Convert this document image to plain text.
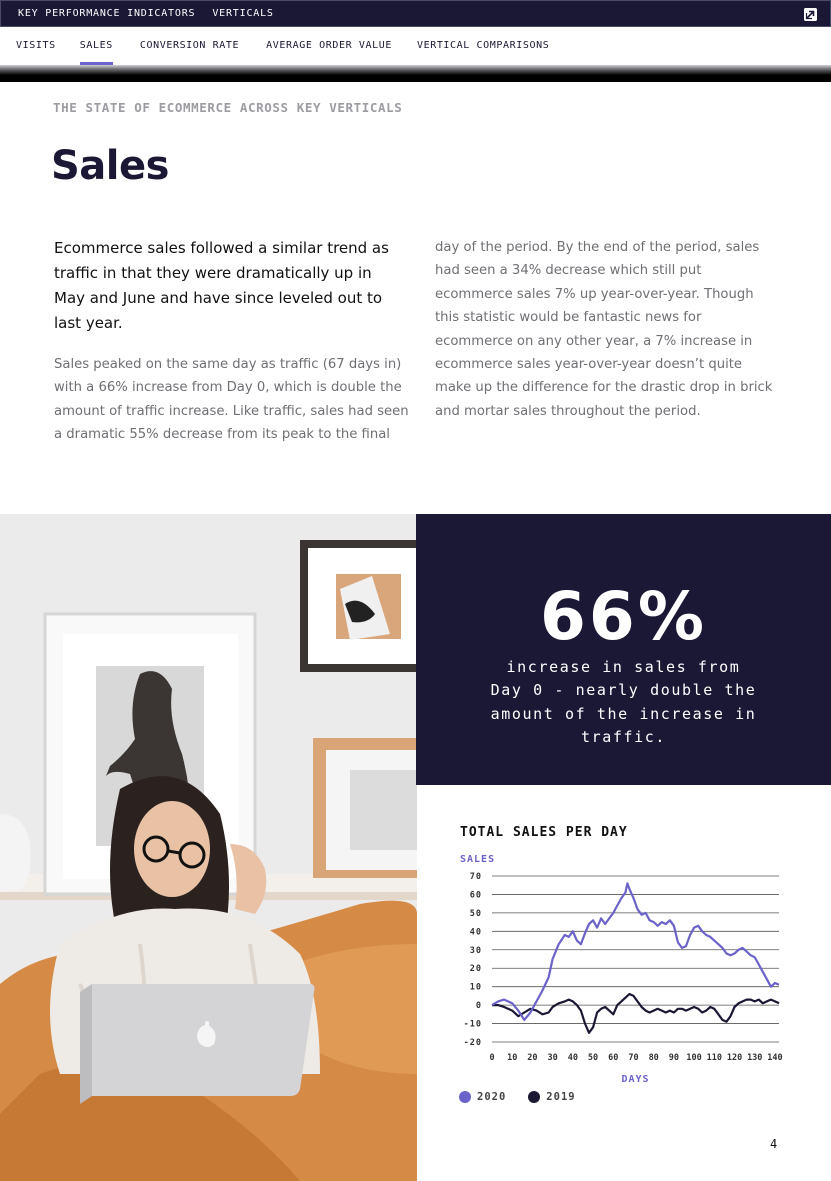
KEY PERFORMANCE INDICATORS VERTICALS
VISITS SALES	CONVERSION RATE	AVERAGE ORDER VALUE	VERTICAL COMPARISONS
THE STATE OF ECOMMERCE ACROSS KEY VERTICALS
Sales

Ecommerce sales followed a similar trend as traffic in that they were dramatically up in May and June and have since leveled out to last year.

Sales peaked on the same day as traffic (67 days in) with a 66% increase from Day 0, which is double the amount of traffic increase. Like traffic, sales had seen a dramatic 55% decrease from its peak to the final

day of the period. By the end of the period, sales had seen a 34% decrease which still put ecommerce sales 7% up year-over-year. Though this statistic would be fantastic news for ecommerce on any other year, a 7% increase in ecommerce sales year-over-year doesn’t quite make up the difference for the drastic drop in brick and mortar sales throughout the period.

66%
increase in sales from Day 0 - nearly double the amount of the increase in traffic.
TOTAL SALES PER DAY
SALES
70
60
50
40
30
20
10
0
-10
-20
0 10 20 30 40 50 60 70 80 90 100 110 120 130 140
DAYS
2020	2019
4
